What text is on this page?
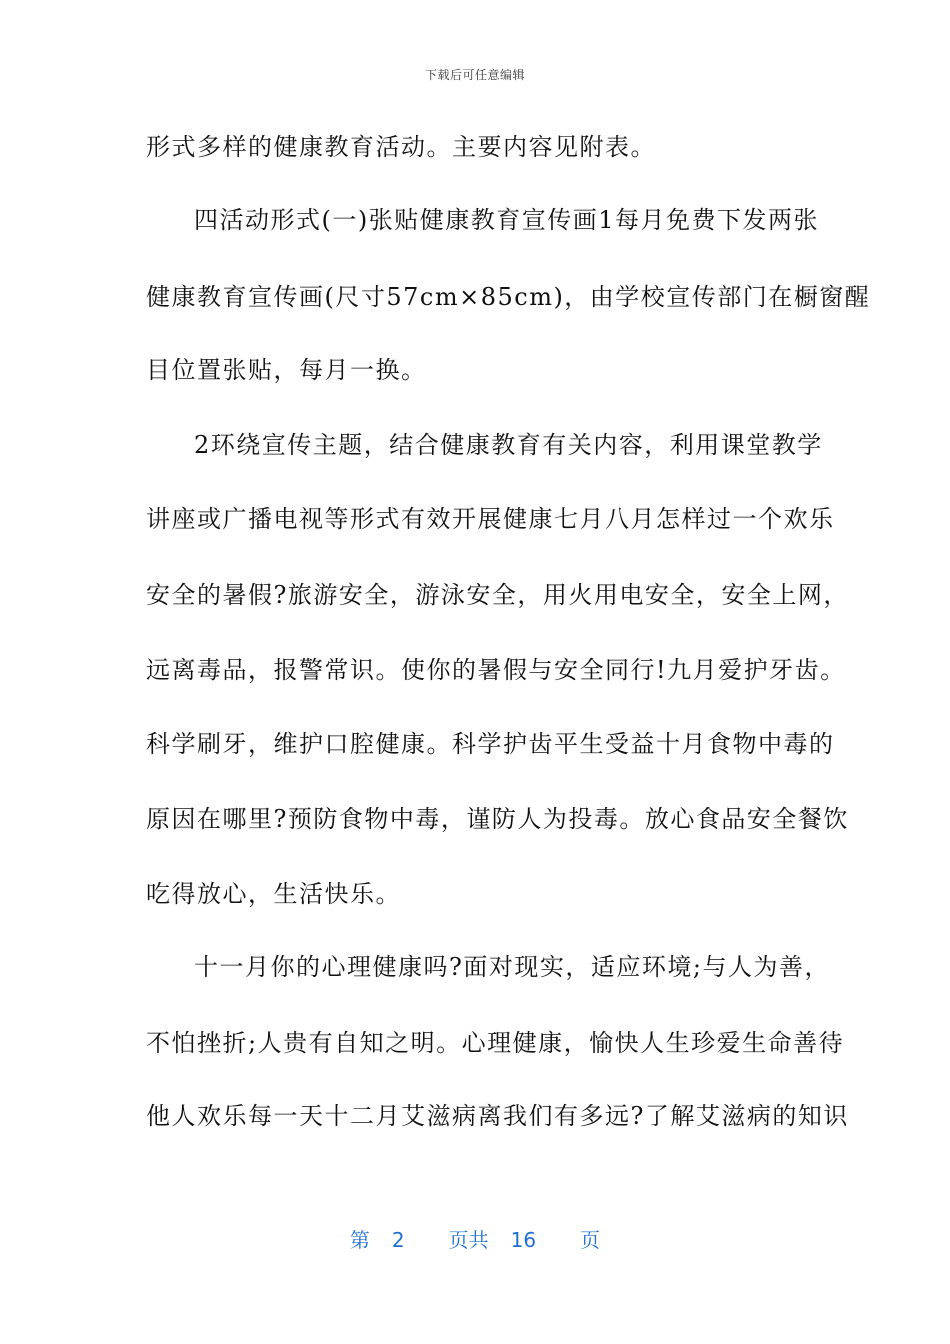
下载后可任意编辑
形式多样的健康教育活动。主要内容见附表。
四活动形式(一)张贴健康教育宣传画1每月免费下发两张
健康教育宣传画(尺寸57cm×85cm)，由学校宣传部门在橱窗醒
目位置张贴，每月一换。
2环绕宣传主题，结合健康教育有关内容，利用课堂教学
讲座或广播电视等形式有效开展健康七月八月怎样过一个欢乐
安全的暑假?旅游安全，游泳安全，用火用电安全，安全上网，
远离毒品，报警常识。使你的暑假与安全同行!九月爱护牙齿。
科学刷牙，维护口腔健康。科学护齿平生受益十月食物中毒的
原因在哪里?预防食物中毒，谨防人为投毒。放心食品安全餐饮
吃得放心，生活快乐。
十一月你的心理健康吗?面对现实，适应环境;与人为善，
不怕挫折;人贵有自知之明。心理健康，愉快人生珍爱生命善待
他人欢乐每一天十二月艾滋病离我们有多远?了解艾滋病的知识
第 2 页共 16 页
